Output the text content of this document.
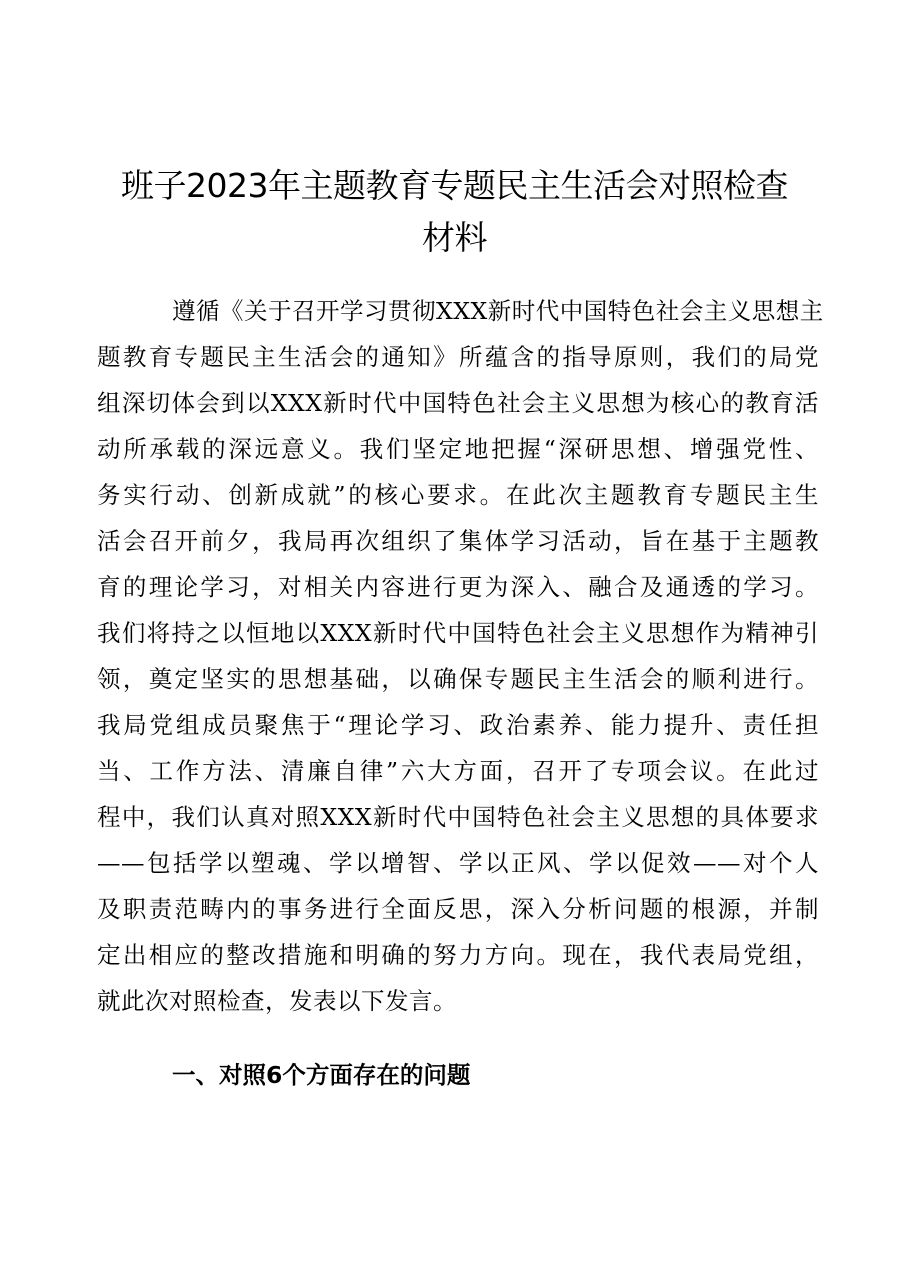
班子2023年主题教育专题民主生活会对照检查
材料
遵循《关于召开学习贯彻XXX新时代中国特色社会主义思想主
题教育专题民主生活会的通知》所蕴含的指导原则，我们的局党
组深切体会到以XXX新时代中国特色社会主义思想为核心的教育活
动所承载的深远意义。我们坚定地把握“深研思想、增强党性、
务实行动、创新成就”的核心要求。在此次主题教育专题民主生
活会召开前夕，我局再次组织了集体学习活动，旨在基于主题教
育的理论学习，对相关内容进行更为深入、融合及通透的学习。
我们将持之以恒地以XXX新时代中国特色社会主义思想作为精神引
领，奠定坚实的思想基础，以确保专题民主生活会的顺利进行。
我局党组成员聚焦于“理论学习、政治素养、能力提升、责任担
当、工作方法、清廉自律”六大方面，召开了专项会议。在此过
程中，我们认真对照XXX新时代中国特色社会主义思想的具体要求
——包括学以塑魂、学以增智、学以正风、学以促效——对个人
及职责范畴内的事务进行全面反思，深入分析问题的根源，并制
定出相应的整改措施和明确的努力方向。现在，我代表局党组，
就此次对照检查，发表以下发言。
一、对照6个方面存在的问题
